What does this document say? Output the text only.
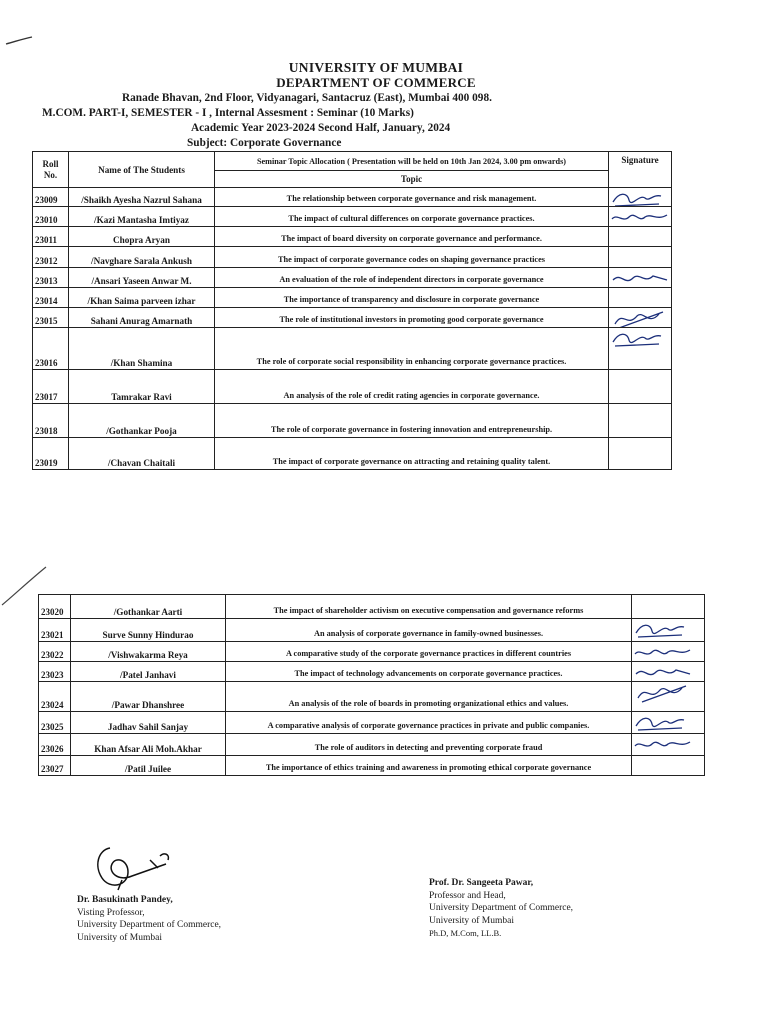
UNIVERSITY OF MUMBAI
DEPARTMENT OF COMMERCE
Ranade Bhavan, 2nd Floor, Vidyanagari, Santacruz (East), Mumbai 400 098.
M.COM. PART-I, SEMESTER - I , Internal Assesment : Seminar (10 Marks)
Academic Year 2023-2024 Second Half, January, 2024
Subject: Corporate Governance
Roll No.	Name of The Students	Seminar Topic Allocation ( Presentation will be held on 10th Jan 2024, 3.00 pm onwards)	Signature
		Topic	
23009	/Shaikh Ayesha Nazrul Sahana	The relationship between corporate governance and risk management.	

23010	/Kazi Mantasha Imtiyaz	The impact of cultural differences on corporate governance practices.	

23011	Chopra Aryan	The impact of board diversity on corporate governance and performance.	
23012	/Navghare Sarala Ankush	The impact of corporate governance codes on shaping governance practices	
23013	/Ansari Yaseen Anwar M.	An evaluation of the role of independent directors in corporate governance	

23014	/Khan Saima parveen izhar	The importance of transparency and disclosure in corporate governance	
23015	Sahani Anurag Amarnath	The role of institutional investors in promoting good corporate governance	

23016	/Khan Shamina	The role of corporate social responsibility in enhancing corporate governance practices.	

23017	Tamrakar Ravi	An analysis of the role of credit rating agencies in corporate governance.	
23018	/Gothankar Pooja	The role of corporate governance in fostering innovation and entrepreneurship.	
23019	/Chavan Chaitali	The impact of corporate governance on attracting and retaining quality talent.	
23020	/Gothankar Aarti	The impact of shareholder activism on executive compensation and governance reforms	
23021	Surve Sunny Hindurao	An analysis of corporate governance in family-owned businesses.	

23022	/Vishwakarma Reya	A comparative study of the corporate governance practices in different countries	

23023	/Patel Janhavi	The impact of technology advancements on corporate governance practices.	

23024	/Pawar Dhanshree	An analysis of the role of boards in promoting organizational ethics and values.	

23025	Jadhav Sahil Sanjay	A comparative analysis of corporate governance practices in private and public companies.	

23026	Khan Afsar Ali Moh.Akhar	The role of auditors in detecting and preventing corporate fraud	

23027	/Patil Juilee	The importance of ethics training and awareness in promoting ethical corporate governance	
Dr. Basukinath Pandey,
Visting Professor,
University Department of Commerce,
University of Mumbai
Prof. Dr. Sangeeta Pawar,
Professor and Head,
University Department of Commerce,
University of Mumbai
Ph.D, M.Com, LL.B.
